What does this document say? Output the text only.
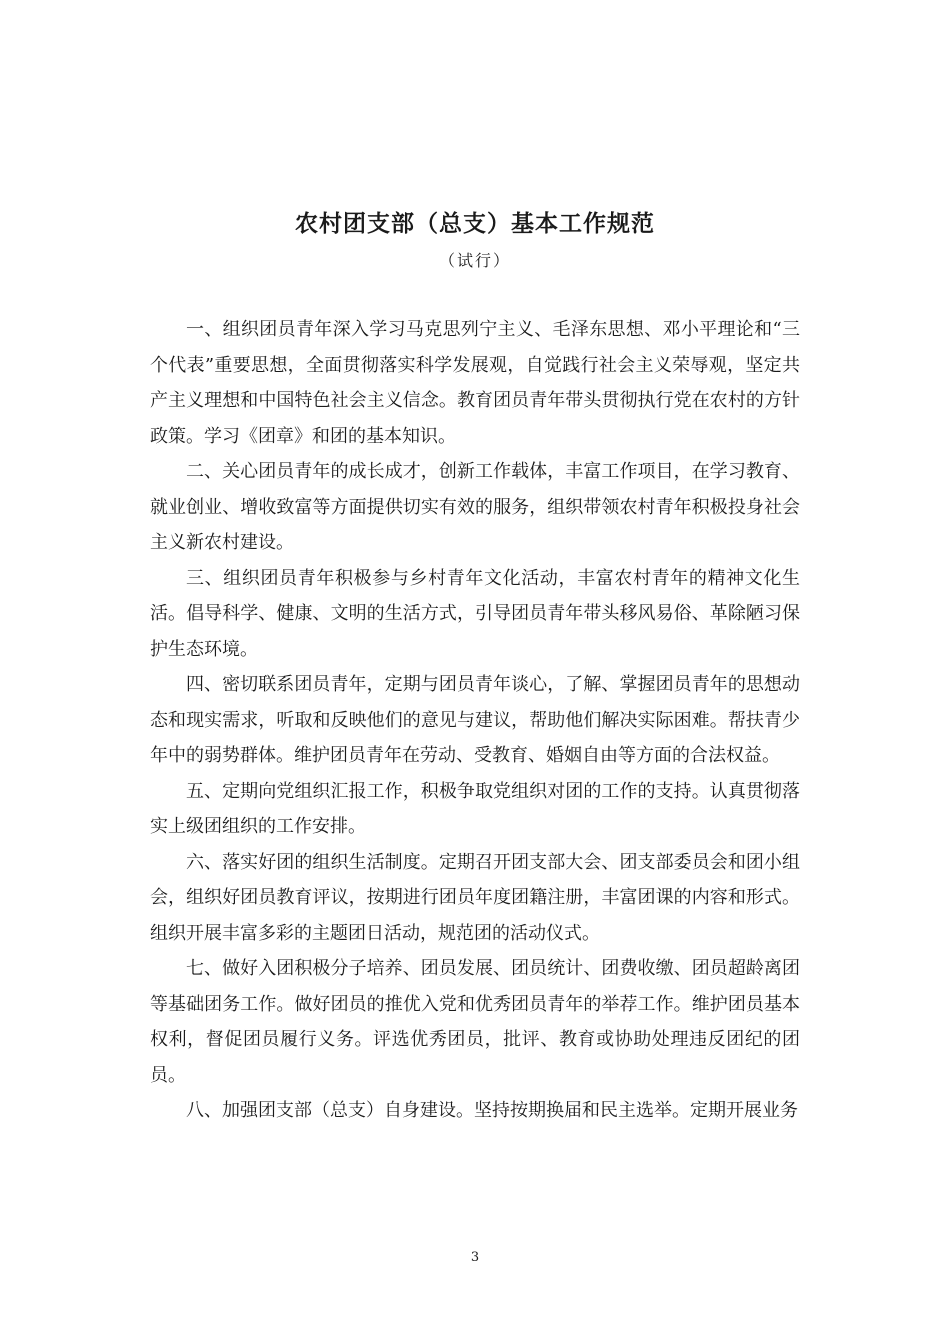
农村团支部（总支）基本工作规范
（试行）

一、组织团员青年深入学习马克思列宁主义、毛泽东思想、邓小平理论和“三个代表”重要思想，全面贯彻落实科学发展观，自觉践行社会主义荣辱观，坚定共产主义理想和中国特色社会主义信念。教育团员青年带头贯彻执行党在农村的方针政策。学习《团章》和团的基本知识。

二、关心团员青年的成长成才，创新工作载体，丰富工作项目，在学习教育、就业创业、增收致富等方面提供切实有效的服务，组织带领农村青年积极投身社会主义新农村建设。

三、组织团员青年积极参与乡村青年文化活动，丰富农村青年的精神文化生活。倡导科学、健康、文明的生活方式，引导团员青年带头移风易俗、革除陋习保护生态环境。

四、密切联系团员青年，定期与团员青年谈心，了解、掌握团员青年的思想动态和现实需求，听取和反映他们的意见与建议，帮助他们解决实际困难。帮扶青少年中的弱势群体。维护团员青年在劳动、受教育、婚姻自由等方面的合法权益。

五、定期向党组织汇报工作，积极争取党组织对团的工作的支持。认真贯彻落实上级团组织的工作安排。

六、落实好团的组织生活制度。定期召开团支部大会、团支部委员会和团小组会，组织好团员教育评议，按期进行团员年度团籍注册，丰富团课的内容和形式。组织开展丰富多彩的主题团日活动，规范团的活动仪式。

七、做好入团积极分子培养、团员发展、团员统计、团费收缴、团员超龄离团等基础团务工作。做好团员的推优入党和优秀团员青年的举荐工作。维护团员基本权利，督促团员履行义务。评选优秀团员，批评、教育或协助处理违反团纪的团员。

八、加强团支部（总支）自身建设。坚持按期换届和民主选举。定期开展业务

3
